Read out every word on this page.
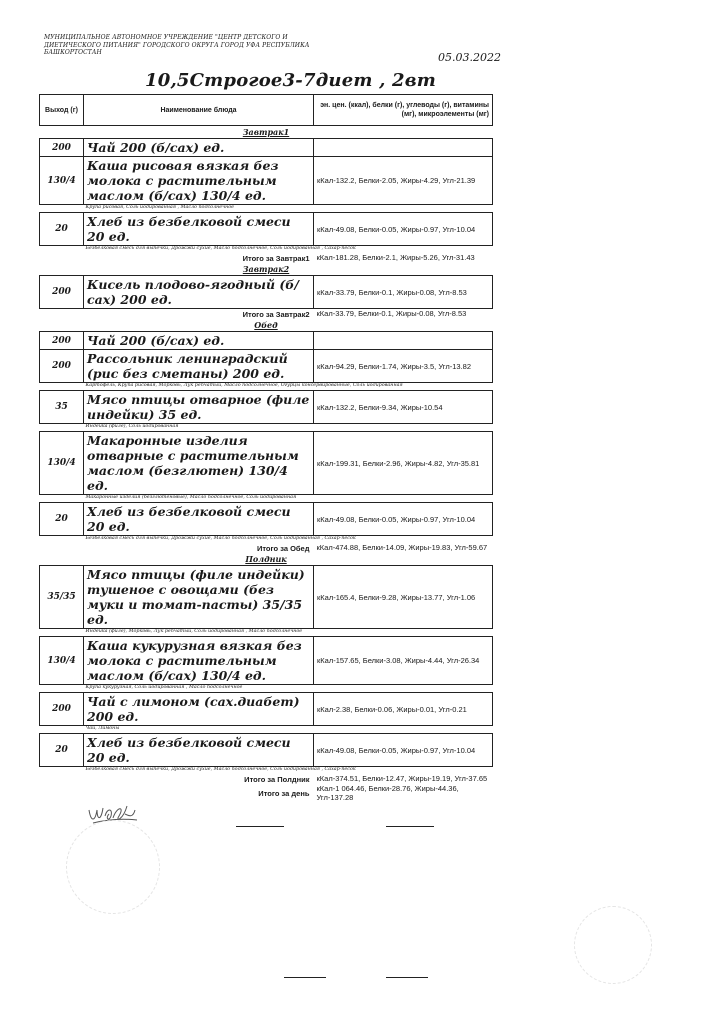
МУНИЦИПАЛЬНОЕ АВТОНОМНОЕ УЧРЕЖДЕНИЕ "ЦЕНТР ДЕТСКОГО И ДИЕТИЧЕСКОГО ПИТАНИЯ" ГОРОДСКОГО ОКРУГА ГОРОД УФА РЕСПУБЛИКА БАШКОРТОСТАН	05.03.2022
10,5Строгое3-7диет , 2вт
Выход (г)	Наименование блюда	эн. цен. (ккал), белки (г), углеводы (г), витамины (мг), микроэлементы (мг)
Завтрак1		
200	Чай 200 (б/сах) ед.	
130/4	Каша рисовая вязкая без молока с растительным маслом (б/сах) 130/4 ед.	кКал-132.2, Белки-2.05, Жиры-4.29, Угл-21.39
	Крупа рисовая, Соль йодированная , Масло подсолнечное	
20	Хлеб из безбелковой смеси 20 ед.	кКал-49.08, Белки-0.05, Жиры-0.97, Угл-10.04
	Безбелковая смесь для выпечки, Дрожжи сухие, Масло подсолнечное, Соль йодированная , Сахар-песок	
	Итого за Завтрак1	кКал-181.28, Белки-2.1, Жиры-5.26, Угл-31.43
Завтрак2		
200	Кисель плодово-ягодный (б/сах) 200 ед.	кКал-33.79, Белки-0.1, Жиры-0.08, Угл-8.53
	Итого за Завтрак2	кКал-33.79, Белки-0.1, Жиры-0.08, Угл-8.53
Обед		
200	Чай 200 (б/сах) ед.	
200	Рассольник ленинградский (рис без сметаны) 200 ед.	кКал-94.29, Белки-1.74, Жиры-3.5, Угл-13.82
	Картофель, Крупа рисовая, Морковь, Лук репчатый, Масло подсолнечное, Огурцы консервированные, Соль йодированная	
35	Мясо птицы отварное (филе индейки) 35 ед.	кКал-132.2, Белки-9.34, Жиры-10.54
	Индейка (филе), Соль йодированная	
130/4	Макаронные изделия отварные с растительным маслом (безглютен) 130/4 ед.	кКал-199.31, Белки-2.96, Жиры-4.82, Угл-35.81
	Макаронные изделия (безглютеновые), Масло подсолнечное, Соль йодированная	
20	Хлеб из безбелковой смеси 20 ед.	кКал-49.08, Белки-0.05, Жиры-0.97, Угл-10.04
	Безбелковая смесь для выпечки, Дрожжи сухие, Масло подсолнечное, Соль йодированная , Сахар-песок	
	Итого за Обед	кКал-474.88, Белки-14.09, Жиры-19.83, Угл-59.67
Полдник		
35/35	Мясо птицы (филе индейки) тушеное с овощами (без муки и томат-пасты) 35/35 ед.	кКал-165.4, Белки-9.28, Жиры-13.77, Угл-1.06
	Индейка (филе), Морковь, Лук репчатый, Соль йодированная , Масло подсолнечное	
130/4	Каша кукурузная вязкая без молока с растительным маслом (б/сах) 130/4 ед.	кКал-157.65, Белки-3.08, Жиры-4.44, Угл-26.34
	Крупа кукурузная, Соль йодированная , Масло подсолнечное	
200	Чай с лимоном (сах.диабет) 200 ед.	кКал-2.38, Белки-0.06, Жиры-0.01, Угл-0.21
	Чай, Лимоны	
20	Хлеб из безбелковой смеси 20 ед.	кКал-49.08, Белки-0.05, Жиры-0.97, Угл-10.04
	Безбелковая смесь для выпечки, Дрожжи сухие, Масло подсолнечное, Соль йодированная , Сахар-песок	
	Итого за Полдник	кКал-374.51, Белки-12.47, Жиры-19.19, Угл-37.65
	Итого за день	кКал-1 064.46, Белки-28.76, Жиры-44.36, Угл-137.28
